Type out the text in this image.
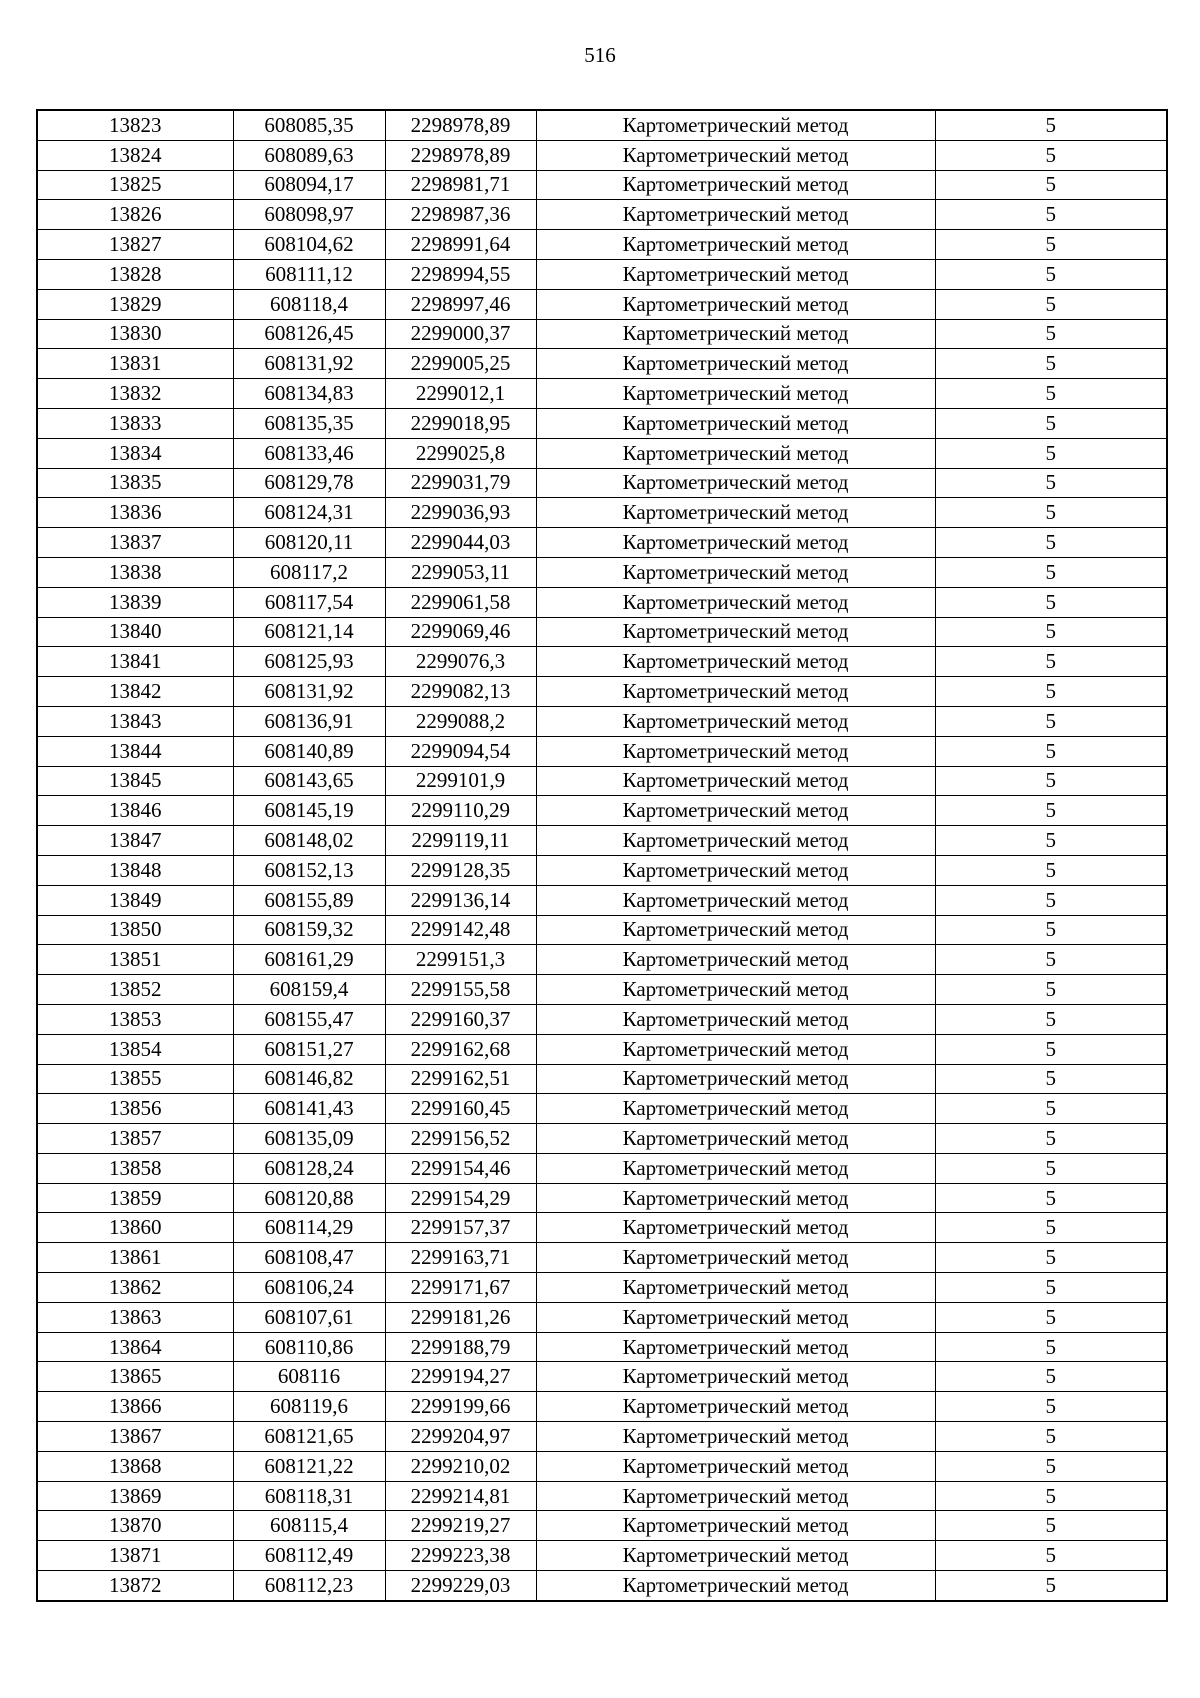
516
13823	608085,35	2298978,89	Картометрический метод	5
13824	608089,63	2298978,89	Картометрический метод	5
13825	608094,17	2298981,71	Картометрический метод	5
13826	608098,97	2298987,36	Картометрический метод	5
13827	608104,62	2298991,64	Картометрический метод	5
13828	608111,12	2298994,55	Картометрический метод	5
13829	608118,4	2298997,46	Картометрический метод	5
13830	608126,45	2299000,37	Картометрический метод	5
13831	608131,92	2299005,25	Картометрический метод	5
13832	608134,83	2299012,1	Картометрический метод	5
13833	608135,35	2299018,95	Картометрический метод	5
13834	608133,46	2299025,8	Картометрический метод	5
13835	608129,78	2299031,79	Картометрический метод	5
13836	608124,31	2299036,93	Картометрический метод	5
13837	608120,11	2299044,03	Картометрический метод	5
13838	608117,2	2299053,11	Картометрический метод	5
13839	608117,54	2299061,58	Картометрический метод	5
13840	608121,14	2299069,46	Картометрический метод	5
13841	608125,93	2299076,3	Картометрический метод	5
13842	608131,92	2299082,13	Картометрический метод	5
13843	608136,91	2299088,2	Картометрический метод	5
13844	608140,89	2299094,54	Картометрический метод	5
13845	608143,65	2299101,9	Картометрический метод	5
13846	608145,19	2299110,29	Картометрический метод	5
13847	608148,02	2299119,11	Картометрический метод	5
13848	608152,13	2299128,35	Картометрический метод	5
13849	608155,89	2299136,14	Картометрический метод	5
13850	608159,32	2299142,48	Картометрический метод	5
13851	608161,29	2299151,3	Картометрический метод	5
13852	608159,4	2299155,58	Картометрический метод	5
13853	608155,47	2299160,37	Картометрический метод	5
13854	608151,27	2299162,68	Картометрический метод	5
13855	608146,82	2299162,51	Картометрический метод	5
13856	608141,43	2299160,45	Картометрический метод	5
13857	608135,09	2299156,52	Картометрический метод	5
13858	608128,24	2299154,46	Картометрический метод	5
13859	608120,88	2299154,29	Картометрический метод	5
13860	608114,29	2299157,37	Картометрический метод	5
13861	608108,47	2299163,71	Картометрический метод	5
13862	608106,24	2299171,67	Картометрический метод	5
13863	608107,61	2299181,26	Картометрический метод	5
13864	608110,86	2299188,79	Картометрический метод	5
13865	608116	2299194,27	Картометрический метод	5
13866	608119,6	2299199,66	Картометрический метод	5
13867	608121,65	2299204,97	Картометрический метод	5
13868	608121,22	2299210,02	Картометрический метод	5
13869	608118,31	2299214,81	Картометрический метод	5
13870	608115,4	2299219,27	Картометрический метод	5
13871	608112,49	2299223,38	Картометрический метод	5
13872	608112,23	2299229,03	Картометрический метод	5
